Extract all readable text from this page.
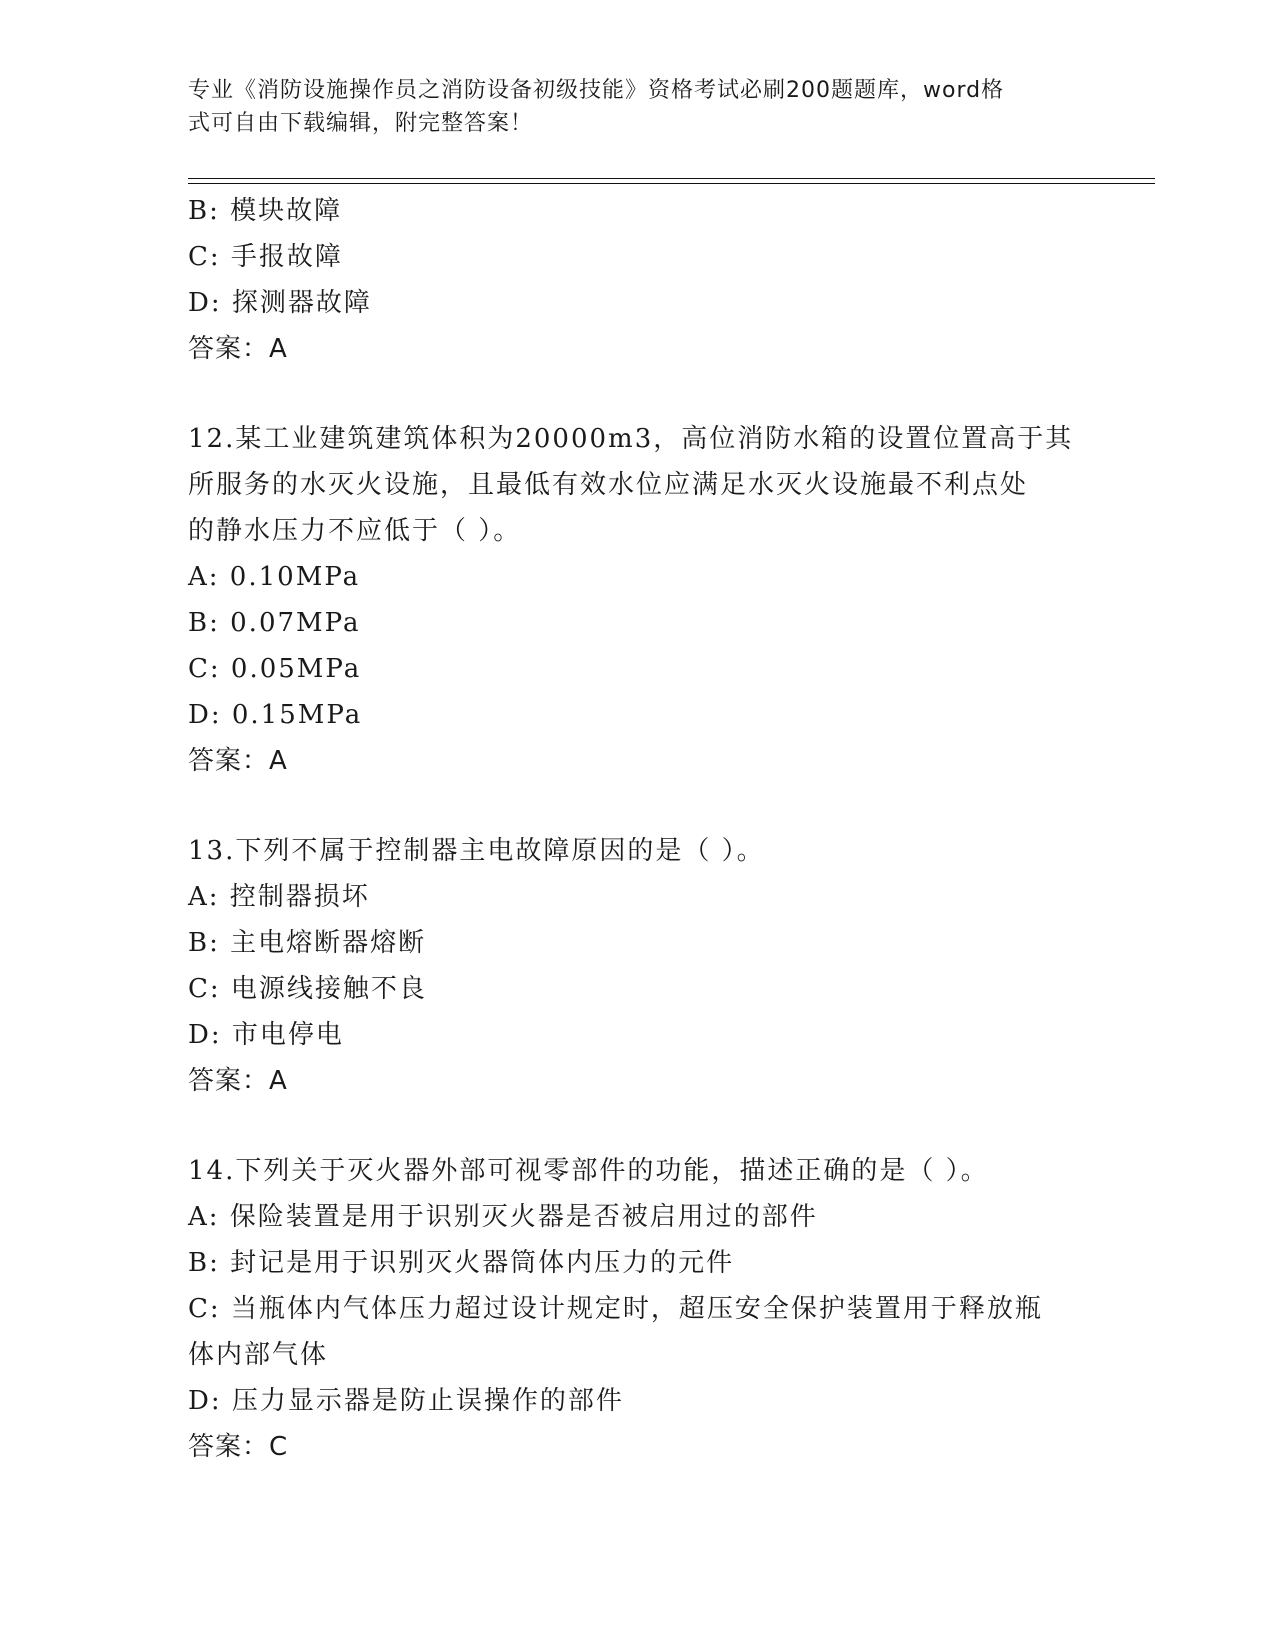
专业《消防设施操作员之消防设备初级技能》资格考试必刷200题题库，word格
式可自由下载编辑，附完整答案！
B: 模块故障
C: 手报故障
D: 探测器故障
答案：A
12.某工业建筑建筑体积为20000m3，高位消防水箱的设置位置高于其
所服务的水灭火设施，且最低有效水位应满足水灭火设施最不利点处
的静水压力不应低于（ ）。
A: 0.10MPa
B: 0.07MPa
C: 0.05MPa
D: 0.15MPa
答案：A
13.下列不属于控制器主电故障原因的是（ ）。
A: 控制器损坏
B: 主电熔断器熔断
C: 电源线接触不良
D: 市电停电
答案：A
14.下列关于灭火器外部可视零部件的功能，描述正确的是（ ）。
A: 保险装置是用于识别灭火器是否被启用过的部件
B: 封记是用于识别灭火器筒体内压力的元件
C: 当瓶体内气体压力超过设计规定时，超压安全保护装置用于释放瓶
体内部气体
D: 压力显示器是防止误操作的部件
答案：C
